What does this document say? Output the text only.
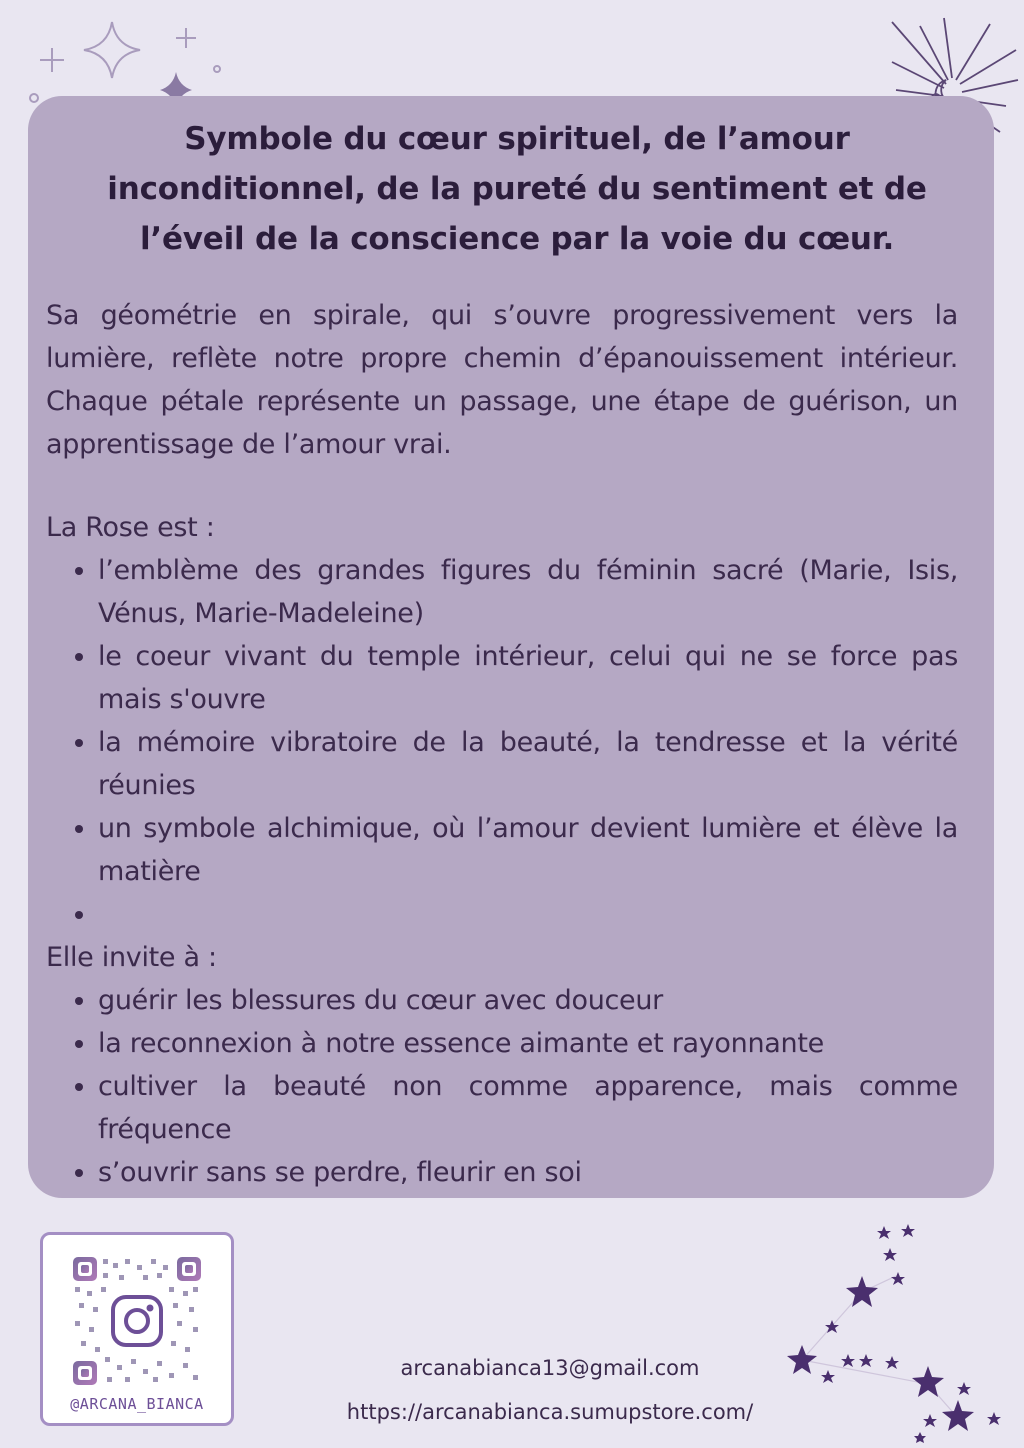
Symbole du cœur spirituel, de l’amour inconditionnel, de la pureté du sentiment et de l’éveil de la conscience par la voie du cœur.

Sa géométrie en spirale, qui s’ouvre progressivement vers la lumière, reflète notre propre chemin d’épanouissement intérieur. Chaque pétale représente un passage, une étape de guérison, un apprentissage de l’amour vrai.

La Rose est :

• l’emblème des grandes figures du féminin sacré (Marie, Isis, Vénus, Marie-Madeleine)
• le coeur vivant du temple intérieur, celui qui ne se force pas mais s'ouvre
• la mémoire vibratoire de la beauté, la tendresse et la vérité réunies
• un symbole alchimique, où l’amour devient lumière et élève la matière
•

Elle invite à :

• guérir les blessures du cœur avec douceur
• la reconnexion à notre essence aimante et rayonnante
• cultiver la beauté non comme apparence, mais comme fréquence
• s’ouvrir sans se perdre, fleurir en soi
@ARCANA_BIANCA
arcanabianca13@gmail.com
https://arcanabianca.sumupstore.com/
